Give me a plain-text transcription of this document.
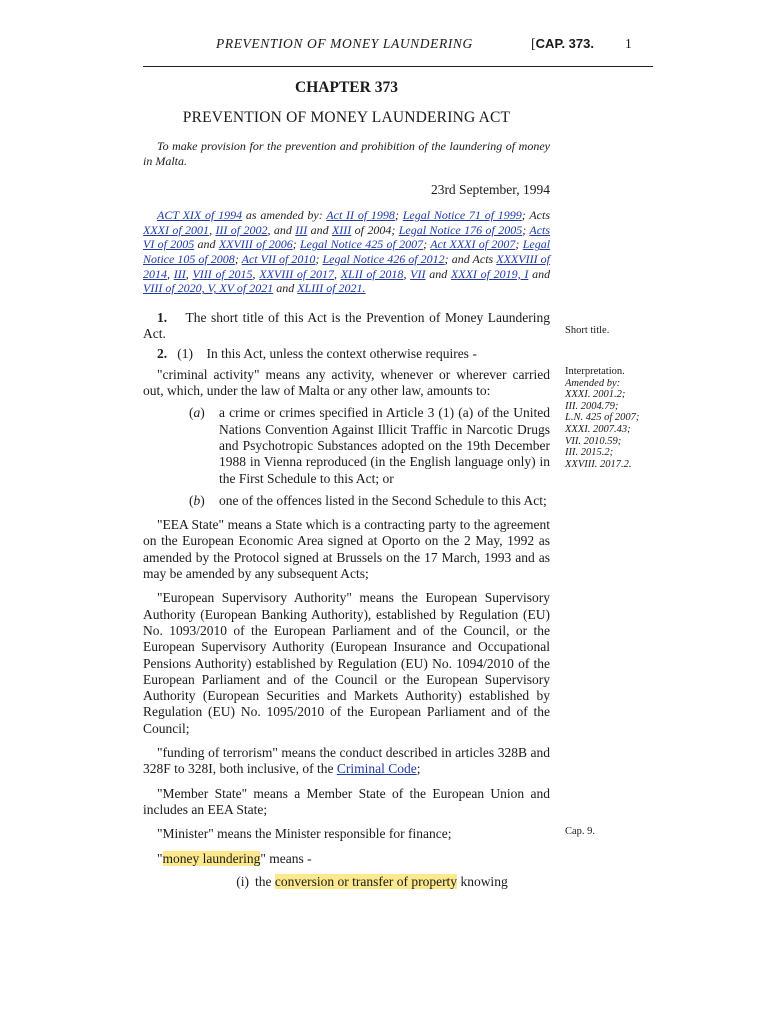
PREVENTION OF MONEY LAUNDERING	[CAP. 373. 1

CHAPTER 373

PREVENTION OF MONEY LAUNDERING ACT

To make provision for the prevention and prohibition of the laundering of money in Malta.

23rd September, 1994

ACT XIX of 1994 as amended by: Act II of 1998; Legal Notice 71 of 1999; Acts XXXI of 2001, III of 2002, and III and XIII of 2004; Legal Notice 176 of 2005; Acts VI of 2005 and XXVIII of 2006; Legal Notice 425 of 2007; Act XXXI of 2007; Legal Notice 105 of 2008; Act VII of 2010; Legal Notice 426 of 2012; and Acts XXXVIII of 2014, III, VIII of 2015, XXVIII of 2017, XLII of 2018, VII and XXXI of 2019, I and VIII of 2020, V, XV of 2021 and XLIII of 2021.

1. The short title of this Act is the Prevention of Money Laundering Act.

2. (1) In this Act, unless the context otherwise requires -

"criminal activity" means any activity, whenever or wherever carried out, which, under the law of Malta or any other law, amounts to:

(a)	a crime or crimes specified in Article 3 (1) (a) of the United Nations Convention Against Illicit Traffic in Narcotic Drugs and Psychotropic Substances adopted on the 19th December 1988 in Vienna reproduced (in the English language only) in the First Schedule to this Act; or
(b)	one of the offences listed in the Second Schedule to this Act;

"EEA State" means a State which is a contracting party to the agreement on the European Economic Area signed at Oporto on the 2 May, 1992 as amended by the Protocol signed at Brussels on the 17 March, 1993 and as may be amended by any subsequent Acts;

"European Supervisory Authority" means the European Supervisory Authority (European Banking Authority), established by Regulation (EU) No. 1093/2010 of the European Parliament and of the Council, or the European Supervisory Authority (European Insurance and Occupational Pensions Authority) established by Regulation (EU) No. 1094/2010 of the European Parliament and of the Council or the European Supervisory Authority (European Securities and Markets Authority) established by Regulation (EU) No. 1095/2010 of the European Parliament and of the Council;

"funding of terrorism" means the conduct described in articles 328B and 328F to 328I, both inclusive, of the Criminal Code;

"Member State" means a Member State of the European Union and includes an EEA State;

"Minister" means the Minister responsible for finance;

"money laundering" means -

(i) the conversion or transfer of property knowing
Short title.
Interpretation.
Amended by:
XXXI. 2001.2;
III. 2004.79;
L.N. 425 of 2007;
XXXI. 2007.43;
VII. 2010.59;
III. 2015.2;
XXVIII. 2017.2.
Cap. 9.
